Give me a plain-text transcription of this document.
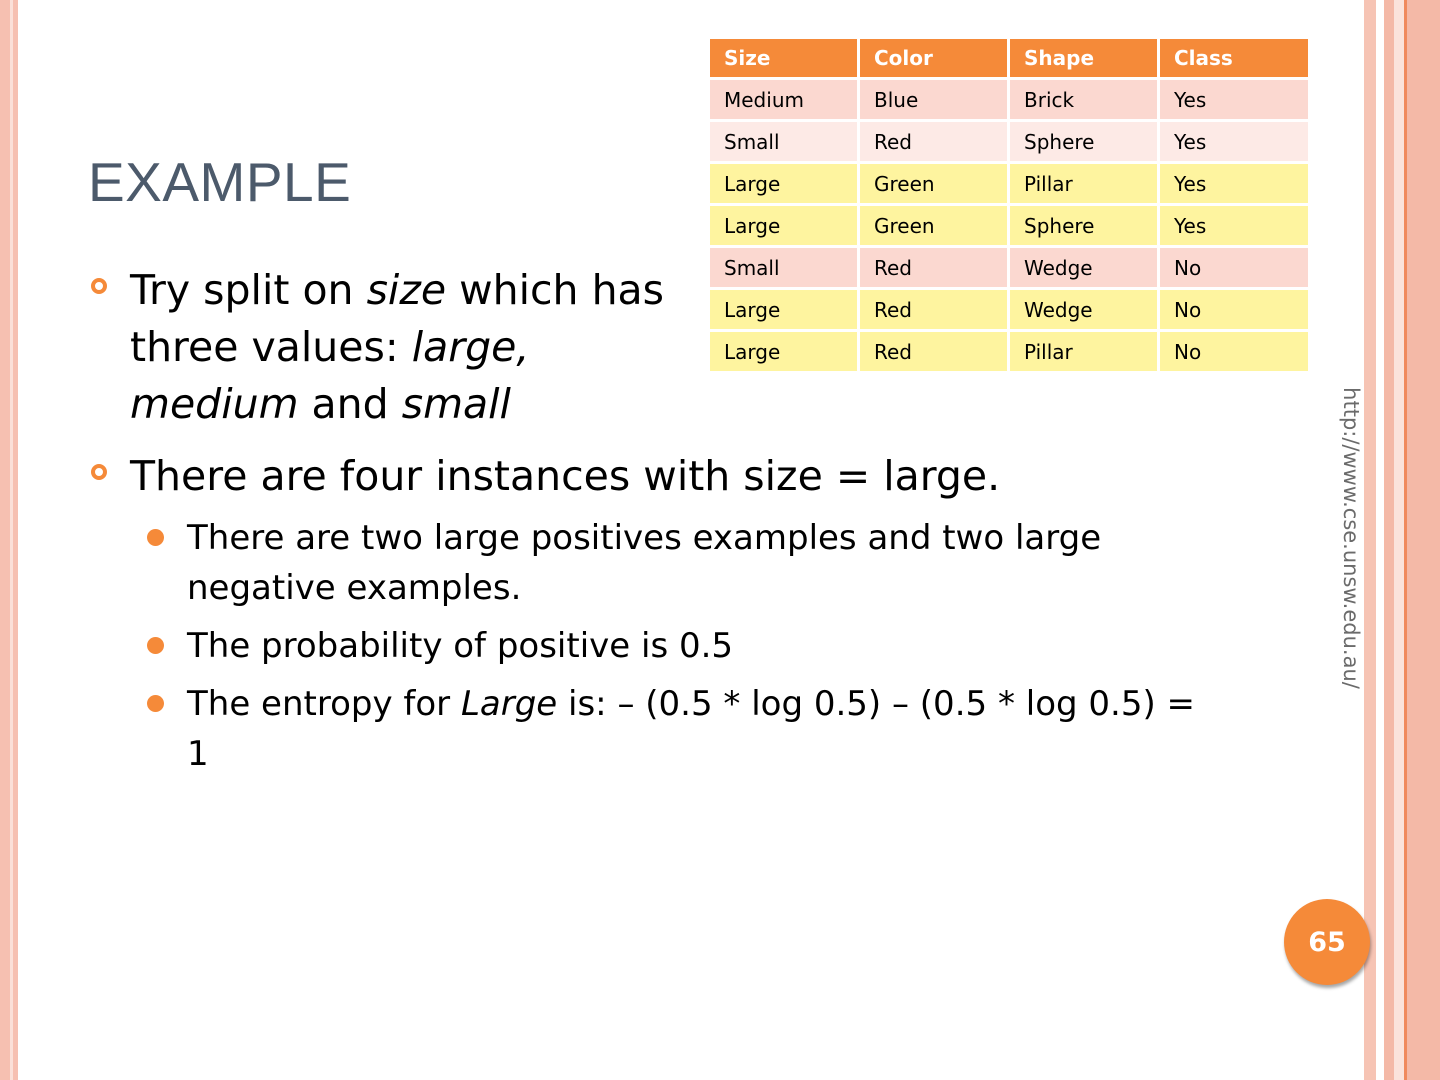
EXAMPLE
Size	Color	Shape	Class
Medium	Blue	Brick	Yes
Small	Red	Sphere	Yes
Large	Green	Pillar	Yes
Large	Green	Sphere	Yes
Small	Red	Wedge	No
Large	Red	Wedge	No
Large	Red	Pillar	No
Try split on size which has three values: large, medium and small
There are four instances with size = large.
There are two large positives examples and two large negative examples.
The probability of positive is 0.5
The entropy for Large is: – (0.5 * log 0.5) – (0.5 * log 0.5) = 1
http://www.cse.unsw.edu.au/
65
